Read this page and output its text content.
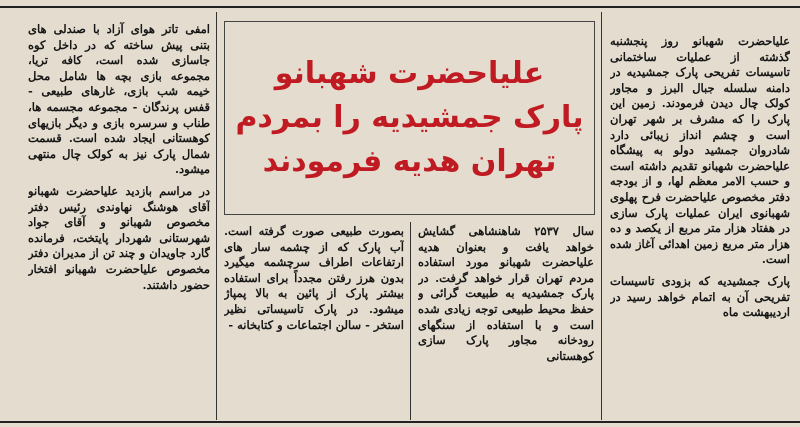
علیاحضرت شهبانو
پارک جمشیدیه را بمردم
تهران هدیه فرمودند

علیاحضرت شهبانو روز پنجشنبه گذشته از عملیات ساختمانی تاسیسات تفریحی پارک جمشیدیه در دامنه سلسله جبال البرز و مجاور کولک چال دیدن فرمودند. زمین این پارک را که مشرف بر شهر تهران است و چشم انداز زیبائی دارد شادروان جمشید دولو به پیشگاه علیاحضرت شهبانو تقدیم داشته است و حسب الامر معظم لها، و از بودجه دفتر مخصوص علیاحضرت فرح پهلوی شهبانوی ایران عملیات پارک سازی در هفتاد هزار متر مربع از یکصد و ده هزار متر مربع زمین اهدائی آغاز شده است.

پارک جمشیدیه که بزودی تاسیسات تفریحی آن به اتمام خواهد رسید در اردیبهشت ماه

سال ۲۵۳۷ شاهنشاهی گشایش خواهد یافت و بعنوان هدیه علیاحضرت شهبانو مورد استفاده مردم تهران قرار خواهد گرفت. در پارک جمشیدیه به طبیعت گرائی و حفظ محیط طبیعی توجه زیادی شده است و با استفاده از سنگهای رودخانه مجاور پارک سازی کوهستانی

بصورت طبیعی صورت گرفته است. آب پارک که از چشمه سار های ارتفاعات اطراف سرچشمه میگیرد بدون هرز رفتن مجدداً برای استفاده بیشتر پارک از پائین به بالا پمپاژ میشود. در پارک تاسیساتی نظیر استخر - سالن اجتماعات و کتابخانه -

امفی تاتر هوای آزاد با صندلی های بتنی پیش ساخته که در داخل کوه جاسازی شده است، کافه تریا، مجموعه بازی بچه ها شامل محل خیمه شب بازی، غارهای طبیعی - قفس پرندگان - مجموعه مجسمه ها، طناب و سرسره بازی و دیگر بازیهای کوهستانی ایجاد شده است. قسمت شمال پارک نیز به کولک چال منتهی میشود.

در مراسم بازدید علیاحضرت شهبانو آقای هوشنگ نهاوندی رئیس دفتر مخصوص شهبانو و آقای جواد شهرستانی شهردار پایتخت، فرمانده گارد جاویدان و چند تن از مدیران دفتر مخصوص علیاحضرت شهبانو افتخار حضور داشتند.
